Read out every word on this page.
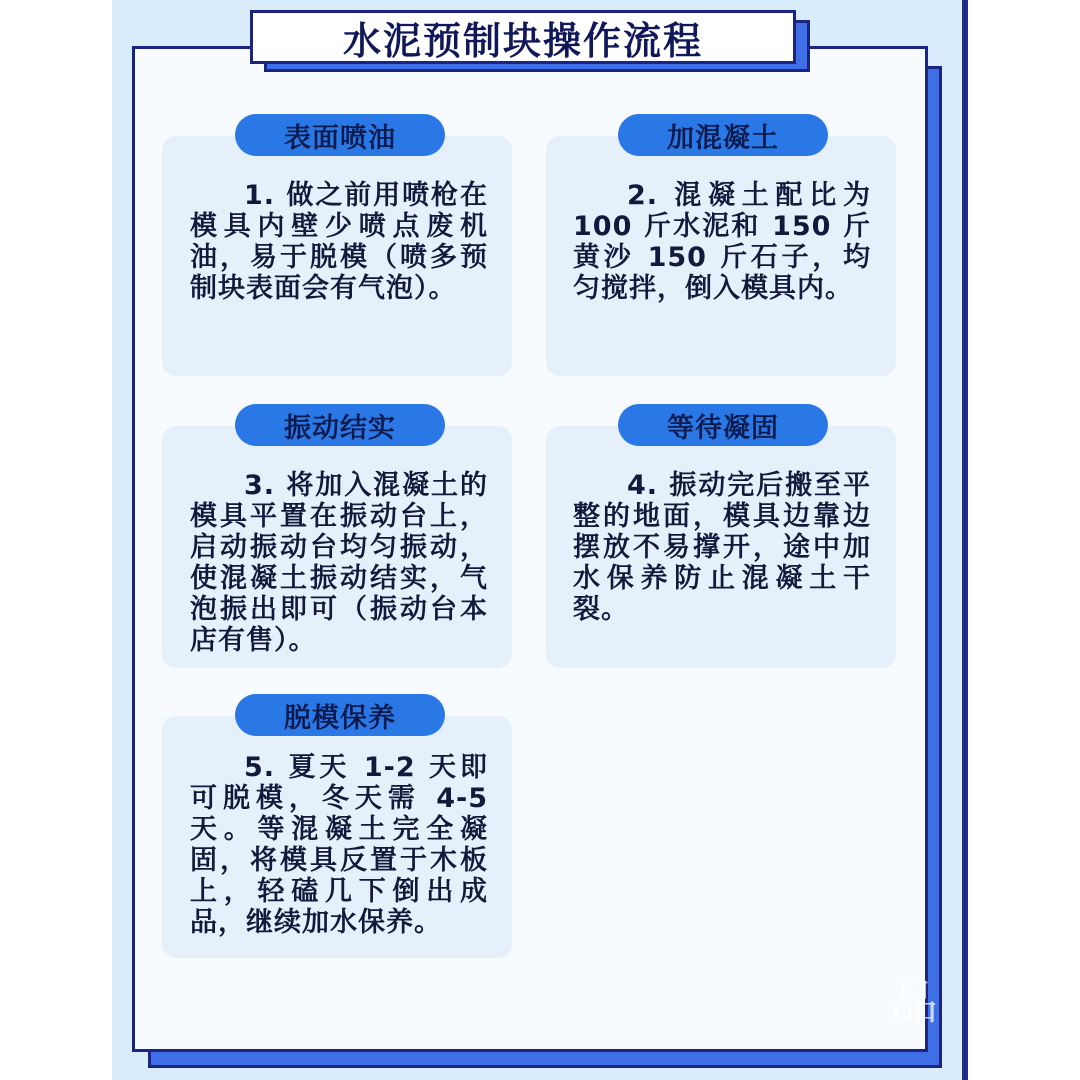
水泥预制块操作流程
表面喷油

1. 做之前用喷枪在模具内壁少喷点废机油，易于脱模（喷多预制块表面会有气泡）。

加混凝土

2. 混凝土配比为 100 斤水泥和 150 斤黄沙 150 斤石子，均匀搅拌，倒入模具内。

振动结实

3. 将加入混凝土的模具平置在振动台上，启动振动台均匀振动，使混凝土振动结实，气泡振出即可（振动台本店有售）。

等待凝固

4. 振动完后搬至平整的地面，模具边靠边摆放不易撑开，途中加水保养防止混凝土干裂。

脱模保养

5. 夏天 1-2 天即可脱模，冬天需 4-5 天。等混凝土完全凝固，将模具反置于木板上，轻磕几下倒出成品，继续加水保养。

品
